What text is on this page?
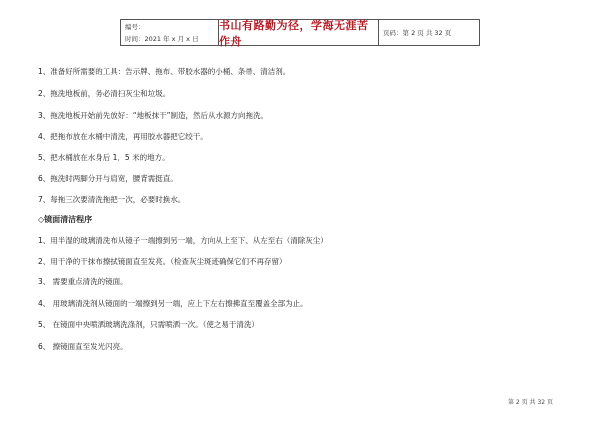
编号：
时间：2021 年 x 月 x 日
书山有路勤为径，学海无涯苦作舟
页码：第 2 页 共 32 页
1、准备好所需要的工具：告示牌、拖布、带胶水器的小桶、条帚、清洁剂。
2、拖洗地板前，务必清扫灰尘和垃圾。
3、拖洗地板开始前先放好：“地板抹干”制造，然后从水源方向拖洗。
4、把拖布放在水桶中清洗，再用胶水器把它绞干。
5、把水桶放在水身后 1．5 米的地方。
6、拖洗时两脚分开与肩宽，腰背需挺直。
7、每拖三次要清洗拖把一次，必要时换水。
◇镜面清洁程序
1、用半湿的玻璃清洗布从镜子一端擦到另一端，方向从上至下、从左至右（清除灰尘）
2、用干净的干抹布擦拭镜面直至发亮。（检查灰尘斑迹确保它们不再存留）
3、 需要重点清洗的镜面。
4、 用玻璃清洗剂从镜面的一端擦到另一端，应上下左右擦拂直至覆盖全部为止。
5、 在镜面中央喷洒玻璃洗涤剂，只需喷洒一次。（使之易于清洗）
6、 擦镜面直至发光闪亮。
第 2 页 共 32 页
